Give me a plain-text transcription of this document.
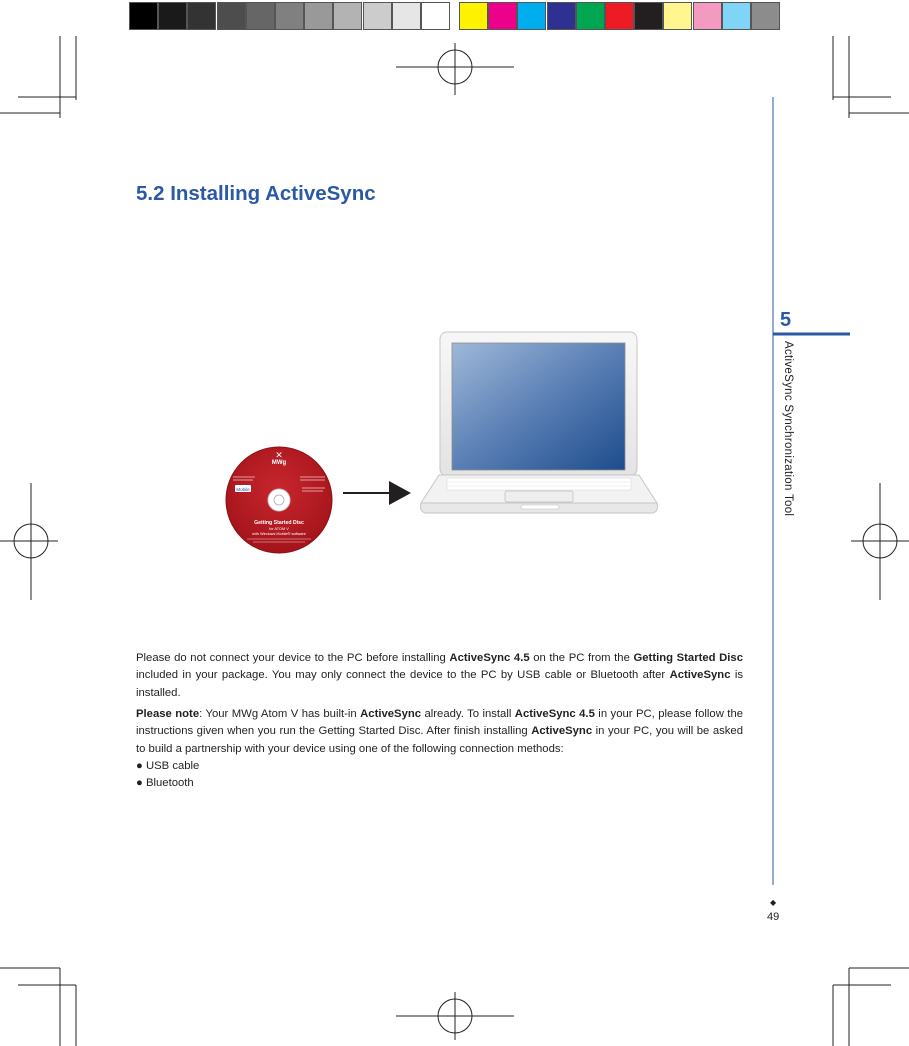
5.2 Installing ActiveSync
5
ActiveSync Synchronization Tool
◆
49
MWg
✕
Mobile
Getting Started Disc
for ATOM V
with Windows Mobile® software

Please do not connect your device to the PC before installing ActiveSync 4.5 on the PC from the Getting Started Disc included in your package. You may only connect the device to the PC by USB cable or Bluetooth after ActiveSync is installed.

Please note: Your MWg Atom V has built-in ActiveSync already. To install ActiveSync 4.5 in your PC, please follow the instructions given when you run the Getting Started Disc. After finish installing ActiveSync in your PC, you will be asked to build a partnership with your device using one of the following connection methods:

● USB cable

● Bluetooth
